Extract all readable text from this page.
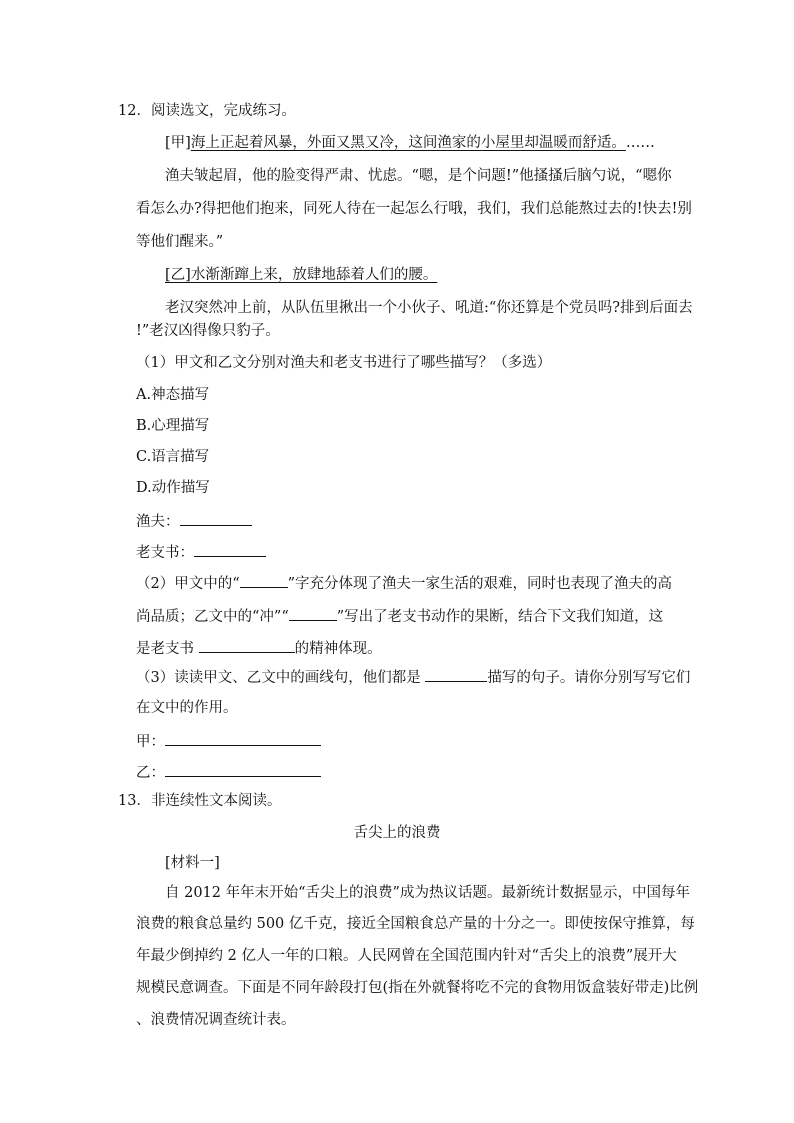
12．阅读选文，完成练习。
[甲]海上正起着风暴，外面又黑又冷，这间渔家的小屋里却温暖而舒适。……
渔夫皱起眉，他的脸变得严肃、忧虑。“嗯，是个问题!”他搔搔后脑勺说，“嗯你
看怎么办?得把他们抱来，同死人待在一起怎么行哦，我们，我们总能熬过去的!快去!别
等他们醒来。”
[乙]水渐渐蹿上来，放肆地舔着人们的腰。
老汉突然冲上前，从队伍里揪出一个小伙子、吼道:“你还算是个党员吗?排到后面去
!”老汉凶得像只豹子。
（1）甲文和乙文分别对渔夫和老支书进行了哪些描写？（多选）
A.神态描写
B.心理描写
C.语言描写
D.动作描写
渔夫：
老支书：
（2）甲文中的“	”字充分体现了渔夫一家生活的艰难，同时也表现了渔夫的高
尚品质；乙文中的“冲”“	”写出了老支书动作的果断，结合下文我们知道，这
是老支书	的精神体现。
（3）读读甲文、乙文中的画线句，他们都是	描写的句子。请你分别写写它们
在文中的作用。
甲：
乙：
13．非连续性文本阅读。
舌尖上的浪费
[材料一]
自 2012 年年末开始“舌尖上的浪费”成为热议话题。最新统计数据显示，中国每年
浪费的粮食总量约 500 亿千克，接近全国粮食总产量的十分之一。即使按保守推算，每
年最少倒掉约 2 亿人一年的口粮。人民网曾在全国范围内针对“舌尖上的浪费”展开大
规模民意调查。下面是不同年龄段打包(指在外就餐将吃不完的食物用饭盒装好带走)比例
、浪费情况调查统计表。
